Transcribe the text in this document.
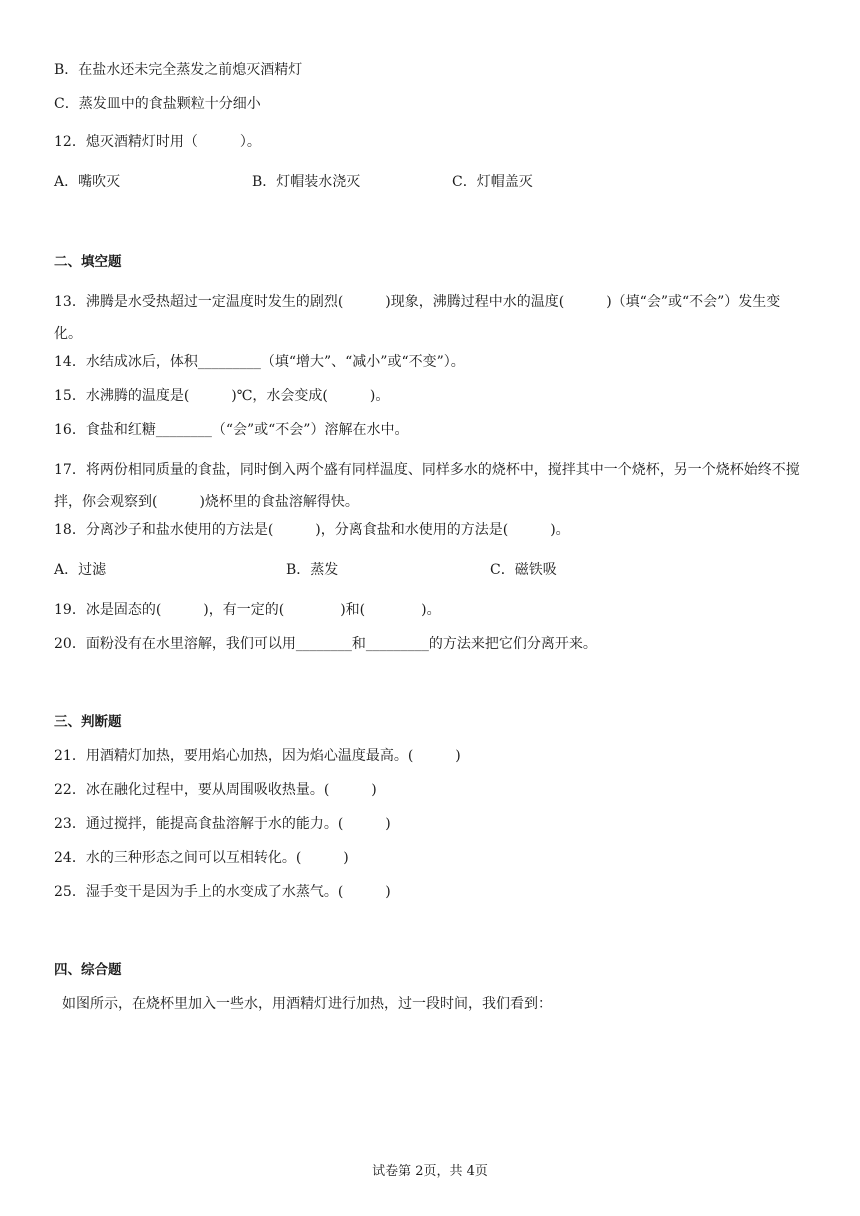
B．在盐水还未完全蒸发之前熄灭酒精灯
C．蒸发皿中的食盐颗粒十分细小
12．熄灭酒精灯时用（　　　）。
A．嘴吹灭	B．灯帽装水浇灭	C．灯帽盖灭
二、填空题
13．沸腾是水受热超过一定温度时发生的剧烈(　　　)现象，沸腾过程中水的温度(　　　)（填“会”或“不会”）发生变化。
14．水结成冰后，体积_________（填“增大”、“减小”或“不变”）。
15．水沸腾的温度是(　　　)℃，水会变成(　　　)。
16．食盐和红糖________（“会”或“不会”）溶解在水中。
17．将两份相同质量的食盐，同时倒入两个盛有同样温度、同样多水的烧杯中，搅拌其中一个烧杯，另一个烧杯始终不搅拌，你会观察到(　　　)烧杯里的食盐溶解得快。
18．分离沙子和盐水使用的方法是(　　　)，分离食盐和水使用的方法是(　　　)。
A．过滤	B．蒸发	C．磁铁吸
19．冰是固态的(　　　)，有一定的(　　　　)和(　　　　)。
20．面粉没有在水里溶解，我们可以用________和_________的方法来把它们分离开来。
三、判断题
21．用酒精灯加热，要用焰心加热，因为焰心温度最高。(　　　)
22．冰在融化过程中，要从周围吸收热量。(　　　)
23．通过搅拌，能提高食盐溶解于水的能力。(　　　)
24．水的三种形态之间可以互相转化。(　　　)
25．湿手变干是因为手上的水变成了水蒸气。(　　　)
四、综合题
如图所示，在烧杯里加入一些水，用酒精灯进行加热，过一段时间，我们看到：
试卷第 2页，共 4页
